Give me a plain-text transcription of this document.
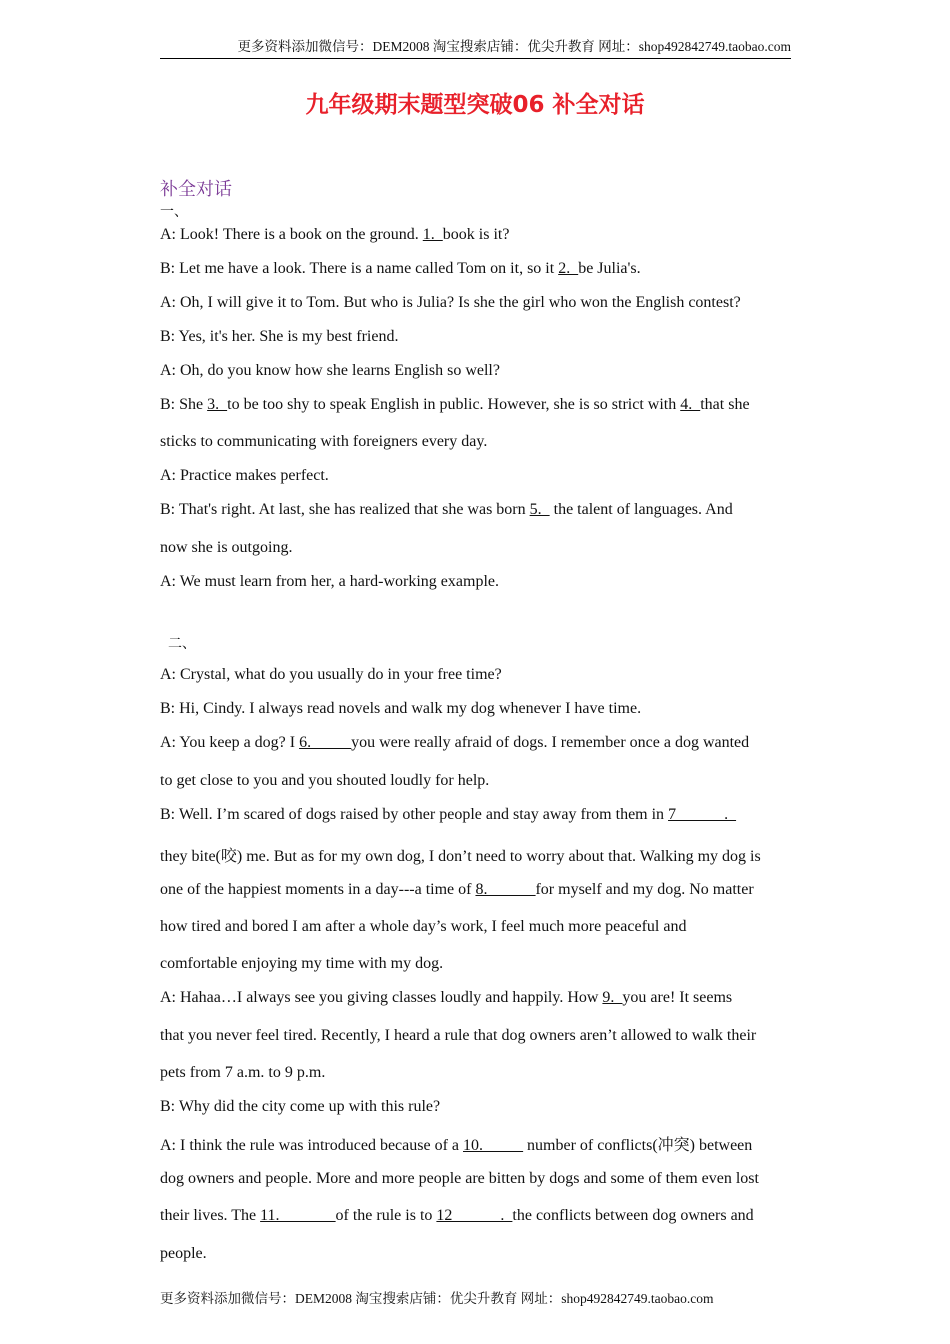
更多资料添加微信号：DEM2008 淘宝搜索店铺：优尖升教育 网址：shop492842749.taobao.com
九年级期末题型突破06 补全对话
补全对话
一、

A: Look! There is a book on the ground. 1.  book is it?

B: Let me have a look. There is a name called Tom on it, so it 2.  be Julia's.

A: Oh, I will give it to Tom. But who is Julia? Is she the girl who won the English contest?

B: Yes, it's her. She is my best friend.

A: Oh, do you know how she learns English so well?

B: She 3.  to be too shy to speak English in public. However, she is so strict with 4.  that she

sticks to communicating with foreigners every day.

A: Practice makes perfect.

B: That's right. At last, she has realized that she was born 5.   the talent of languages. And

now she is outgoing.

A: We must learn from her, a hard-working example.

二、

A: Crystal, what do you usually do in your free time?

B: Hi, Cindy. I always read novels and walk my dog whenever I have time.

A: You keep a dog? I 6.  ____you were really afraid of dogs. I remember once a dog wanted

to get close to you and you shouted loudly for help.

B: Well. I’m scared of dogs raised by other people and stay away from them in 7______.

they bite(咬) me. But as for my own dog, I don’t need to worry about that. Walking my dog is

one of the happiest moments in a day---a time of 8.  _____for myself and my dog. No matter

how tired and bored I am after a whole day’s work, I feel much more peaceful and

comfortable enjoying my time with my dog.

A: Hahaa…I always see you giving classes loudly and happily. How 9.  you are! It seems

that you never feel tired. Recently, I heard a rule that dog owners aren’t allowed to walk their

pets from 7 a.m. to 9 p.m.

B: Why did the city come up with this rule?

A: I think the rule was introduced because of a 10.  ____ number of conflicts(冲突) between

dog owners and people. More and more people are bitten by dogs and some of them even lost

their lives. The 11.  ______of the rule is to 12______.  the conflicts between dog owners and

people.

更多资料添加微信号：DEM2008 淘宝搜索店铺：优尖升教育 网址：shop492842749.taobao.com
